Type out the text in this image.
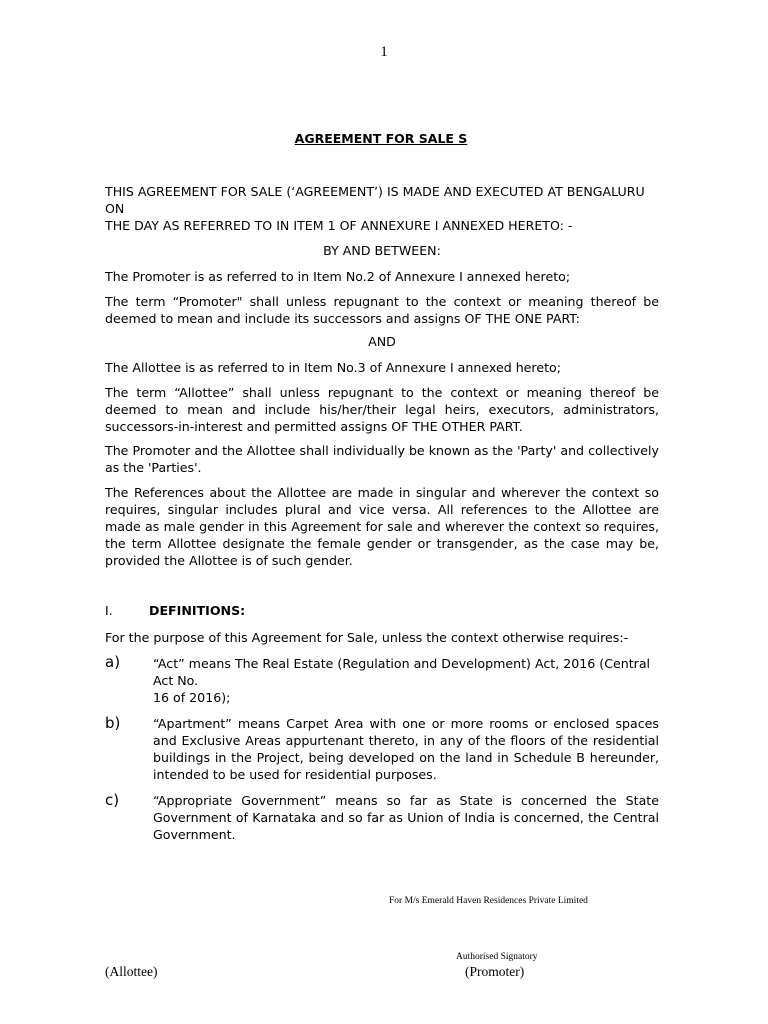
1
AGREEMENT FOR SALE S
THIS AGREEMENT FOR SALE (‘AGREEMENT’) IS MADE AND EXECUTED AT BENGALURU
ON
THE DAY AS REFERRED TO IN ITEM 1 OF ANNEXURE I ANNEXED HERETO: -
BY AND BETWEEN:

The Promoter is as referred to in Item No.2 of Annexure I annexed hereto;

The term “Promoter" shall unless repugnant to the context or meaning thereof be deemed to mean and include its successors and assigns OF THE ONE PART:

AND

The Allottee is as referred to in Item No.3 of Annexure I annexed hereto;

The term “Allottee” shall unless repugnant to the context or meaning thereof be deemed to mean and include his/her/their legal heirs, executors, administrators, successors-in-interest and permitted assigns OF THE OTHER PART.

The Promoter and the Allottee shall individually be known as the 'Party' and collectively as the 'Parties'.

The References about the Allottee are made in singular and wherever the context so requires, singular includes plural and vice versa. All references to the Allottee are made as male gender in this Agreement for sale and wherever the context so requires, the term Allottee designate the female gender or transgender, as the case may be, provided the Allottee is of such gender.

I.	DEFINITIONS:

For the purpose of this Agreement for Sale, unless the context otherwise requires:-

a)	“Act” means The Real Estate (Regulation and Development) Act, 2016 (Central
Act No.
16 of 2016);
b)	“Apartment” means Carpet Area with one or more rooms or enclosed spaces and Exclusive Areas appurtenant thereto, in any of the floors of the residential buildings in the Project, being developed on the land in Schedule B hereunder, intended to be used for residential purposes.
c)	“Appropriate Government” means so far as State is concerned the State Government of Karnataka and so far as Union of India is concerned, the Central Government.
For M/s Emerald Haven Residences Private Limited
Authorised Signatory
(Allottee)	(Promoter)
